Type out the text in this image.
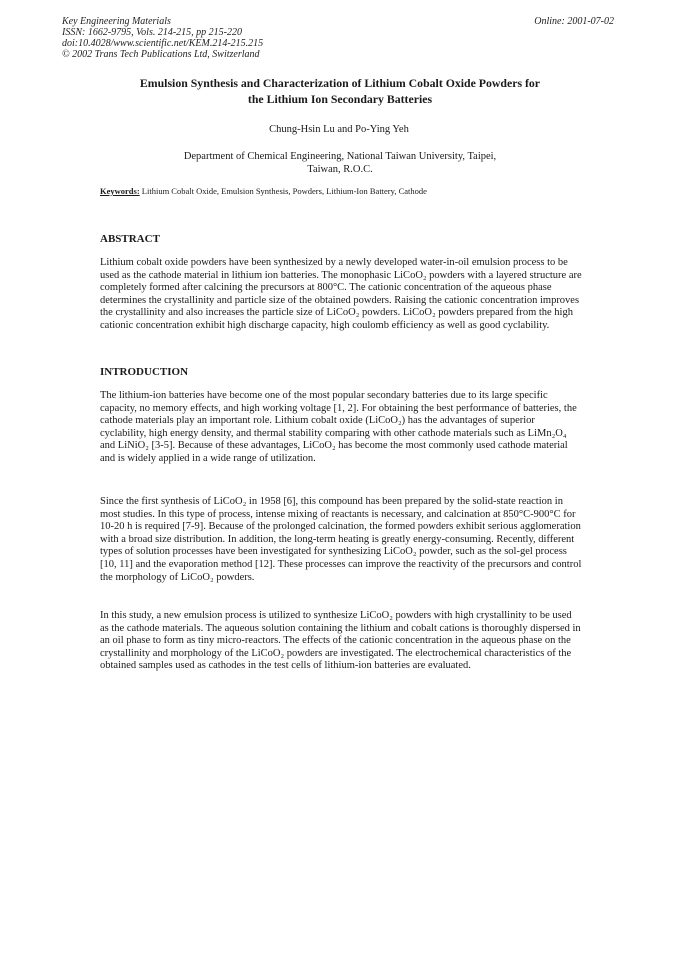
Key Engineering Materials
ISSN: 1662-9795, Vols. 214-215, pp 215-220
doi:10.4028/www.scientific.net/KEM.214-215.215
© 2002 Trans Tech Publications Ltd, Switzerland
Online: 2001-07-02
Emulsion Synthesis and Characterization of Lithium Cobalt Oxide Powders for
the Lithium Ion Secondary Batteries
Chung-Hsin Lu and Po-Ying Yeh
Department of Chemical Engineering, National Taiwan University, Taipei,
Taiwan, R.O.C.
Keywords: Lithium Cobalt Oxide, Emulsion Synthesis, Powders, Lithium-Ion Battery, Cathode
ABSTRACT

Lithium cobalt oxide powders have been synthesized by a newly developed water-in-oil emulsion process to be used as the cathode material in lithium ion batteries. The monophasic LiCoO₂ powders with a layered structure are completely formed after calcining the precursors at 800°C. The cationic concentration of the aqueous phase determines the crystallinity and particle size of the obtained powders. Raising the cationic concentration improves the crystallinity and also increases the particle size of LiCoO₂ powders. LiCoO₂ powders prepared from the high cationic concentration exhibit high discharge capacity, high coulomb efficiency as well as good cyclability.

INTRODUCTION

The lithium-ion batteries have become one of the most popular secondary batteries due to its large specific capacity, no memory effects, and high working voltage [1, 2]. For obtaining the best performance of batteries, the cathode materials play an important role. Lithium cobalt oxide (LiCoO₂) has the advantages of superior cyclability, high energy density, and thermal stability comparing with other cathode materials such as LiMn₂O₄ and LiNiO₂ [3-5]. Because of these advantages, LiCoO₂ has become the most commonly used cathode material and is widely applied in a wide range of utilization.

Since the first synthesis of LiCoO₂ in 1958 [6], this compound has been prepared by the solid-state reaction in most studies. In this type of process, intense mixing of reactants is necessary, and calcination at 850°C-900°C for 10-20 h is required [7-9]. Because of the prolonged calcination, the formed powders exhibit serious agglomeration with a broad size distribution. In addition, the long-term heating is greatly energy-consuming. Recently, different types of solution processes have been investigated for synthesizing LiCoO₂ powder, such as the sol-gel process [10, 11] and the evaporation method [12]. These processes can improve the reactivity of the precursors and control the morphology of LiCoO₂ powders.

In this study, a new emulsion process is utilized to synthesize LiCoO₂ powders with high crystallinity to be used as the cathode materials. The aqueous solution containing the lithium and cobalt cations is thoroughly dispersed in an oil phase to form as tiny micro-reactors. The effects of the cationic concentration in the aqueous phase on the crystallinity and morphology of the LiCoO₂ powders are investigated. The electrochemical characteristics of the obtained samples used as cathodes in the test cells of lithium-ion batteries are evaluated.
